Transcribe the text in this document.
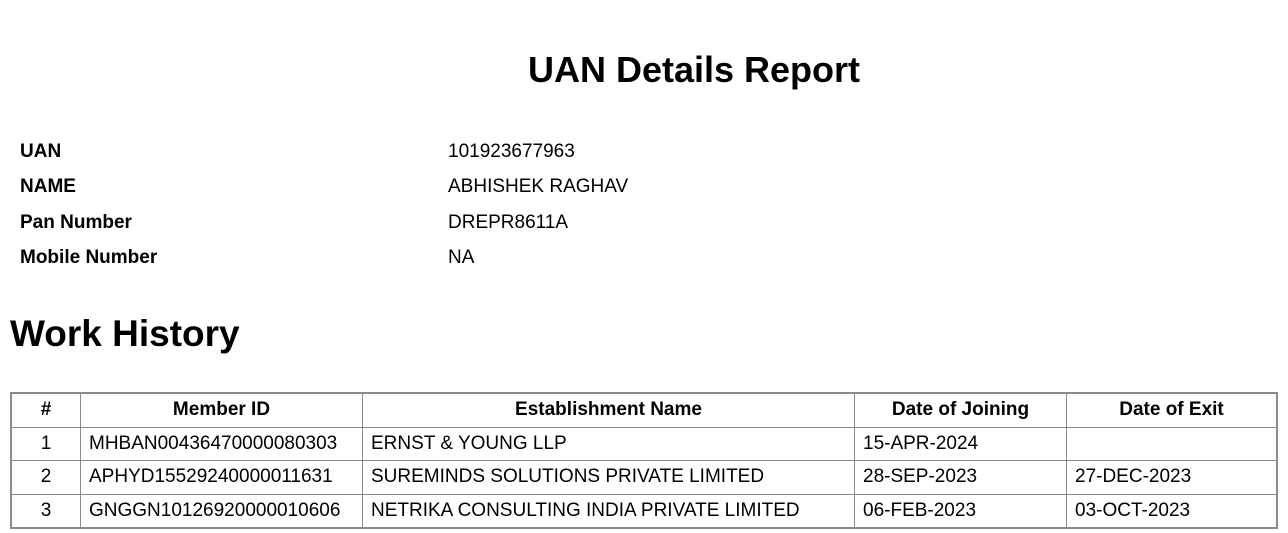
UAN Details Report
UAN	101923677963
NAME	ABHISHEK RAGHAV
Pan Number	DREPR8611A
Mobile Number	NA
Work History
#	Member ID	Establishment Name	Date of Joining	Date of Exit
1	MHBAN00436470000080303	ERNST & YOUNG LLP	15-APR-2024	
2	APHYD15529240000011631	SUREMINDS SOLUTIONS PRIVATE LIMITED	28-SEP-2023	27-DEC-2023
3	GNGGN10126920000010606	NETRIKA CONSULTING INDIA PRIVATE LIMITED	06-FEB-2023	03-OCT-2023
